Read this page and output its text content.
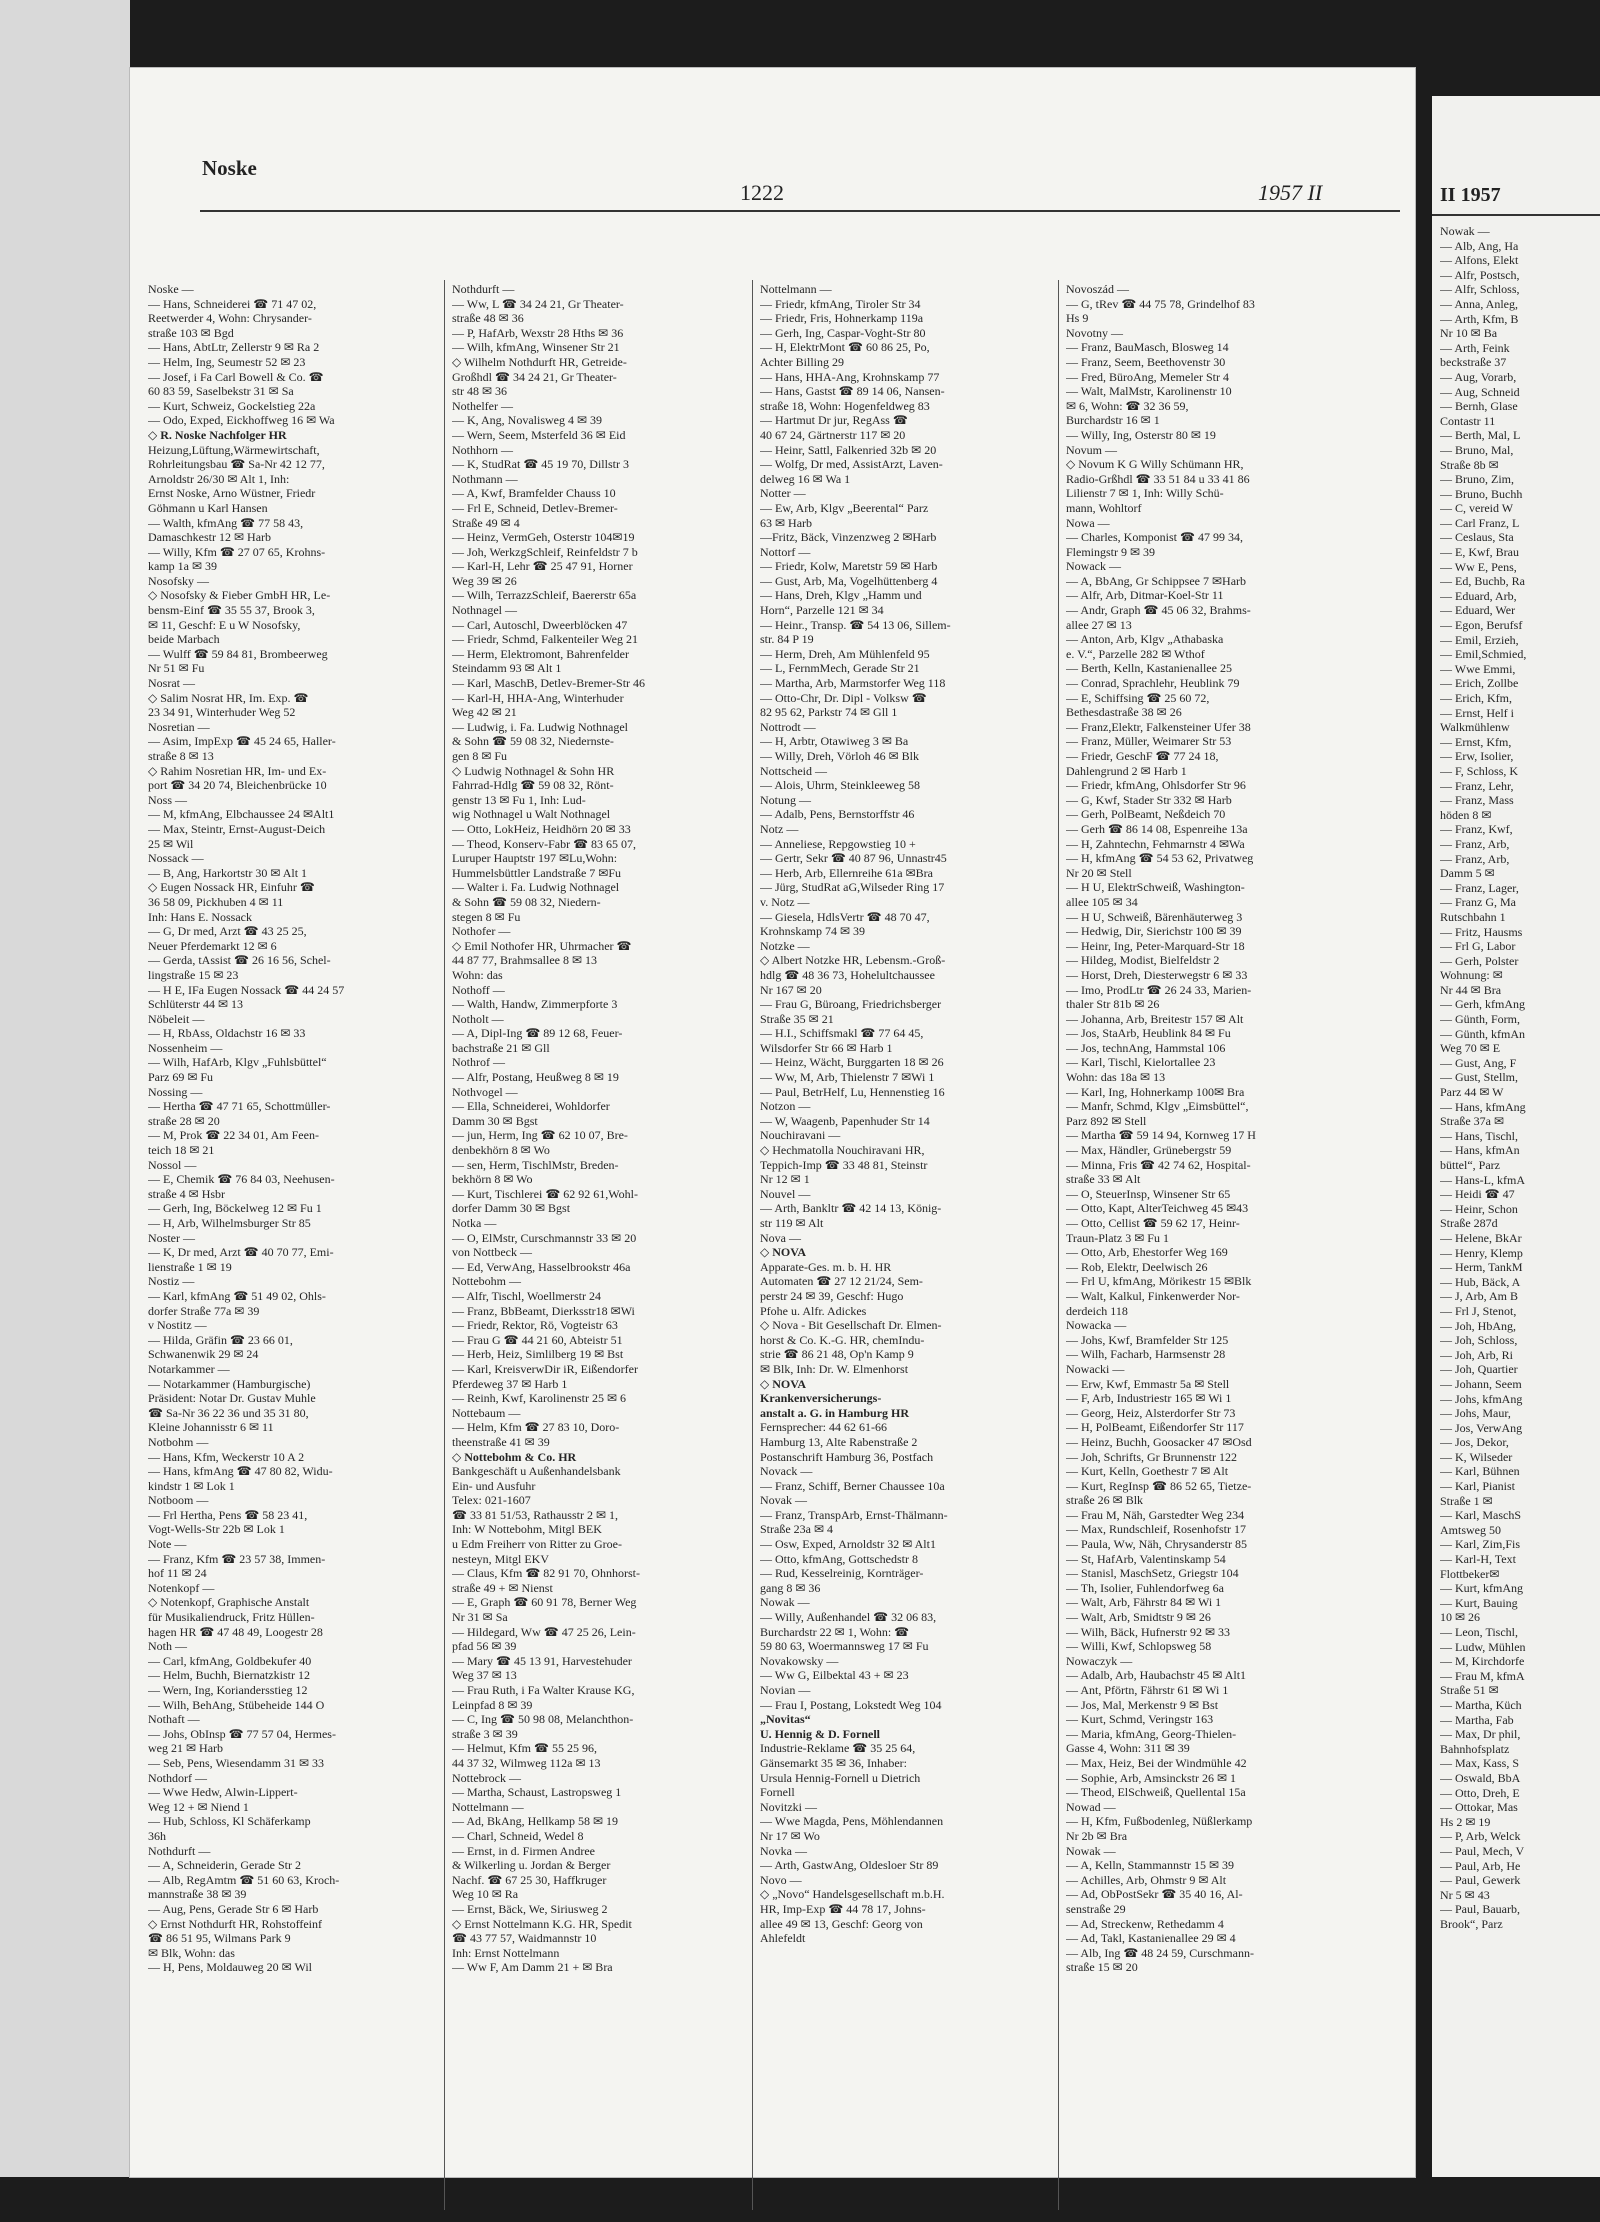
Noske
1222	1957 II
Noske —
— Hans, Schneiderei ☎ 71 47 02,
Reetwerder 4, Wohn: Chrysander-
straße 103 ✉ Bgd
— Hans, AbtLtr, Zellerstr 9 ✉ Ra 2
— Helm, Ing, Seumestr 52 ✉ 23
— Josef, i Fa Carl Bowell & Co. ☎
60 83 59, Saselbekstr 31 ✉ Sa
— Kurt, Schweiz, Gockelstieg 22a
— Odo, Exped, Eickhoffweg 16 ✉ Wa
◇ R. Noske Nachfolger HR
Heizung,Lüftung,Wärmewirtschaft,
Rohrleitungsbau ☎ Sa-Nr 42 12 77,
Arnoldstr 26/30 ✉ Alt 1, Inh:
Ernst Noske, Arno Wüstner, Friedr
Göhmann u Karl Hansen
— Walth, kfmAng ☎ 77 58 43,
Damaschkestr 12 ✉ Harb
— Willy, Kfm ☎ 27 07 65, Krohns-
kamp 1a ✉ 39
Nosofsky —
◇ Nosofsky & Fieber GmbH HR, Le-
bensm-Einf ☎ 35 55 37, Brook 3,
✉ 11, Geschf: E u W Nosofsky,
beide Marbach
— Wulff ☎ 59 84 81, Brombeerweg
Nr 51 ✉ Fu
Nosrat —
◇ Salim Nosrat HR, Im. Exp. ☎
23 34 91, Winterhuder Weg 52
Nosretian —
— Asim, ImpExp ☎ 45 24 65, Haller-
straße 8 ✉ 13
◇ Rahim Nosretian HR, Im- und Ex-
port ☎ 34 20 74, Bleichenbrücke 10
Noss —
— M, kfmAng, Elbchaussee 24 ✉Alt1
— Max, Steintr, Ernst-August-Deich
25 ✉ Wil
Nossack —
— B, Ang, Harkortstr 30 ✉ Alt 1
◇ Eugen Nossack HR, Einfuhr ☎
36 58 09, Pickhuben 4 ✉ 11
Inh: Hans E. Nossack
— G, Dr med, Arzt ☎ 43 25 25,
Neuer Pferdemarkt 12 ✉ 6
— Gerda, tAssist ☎ 26 16 56, Schel-
lingstraße 15 ✉ 23
— H E, IFa Eugen Nossack ☎ 44 24 57
Schlüterstr 44 ✉ 13
Nöbeleit —
— H, RbAss, Oldachstr 16 ✉ 33
Nossenheim —
— Wilh, HafArb, Klgv „Fuhlsbüttel“
Parz 69 ✉ Fu
Nossing —
— Hertha ☎ 47 71 65, Schottmüller-
straße 28 ✉ 20
— M, Prok ☎ 22 34 01, Am Feen-
teich 18 ✉ 21
Nossol —
— E, Chemik ☎ 76 84 03, Neehusen-
straße 4 ✉ Hsbr
— Gerh, Ing, Böckelweg 12 ✉ Fu 1
— H, Arb, Wilhelmsburger Str 85
Noster —
— K, Dr med, Arzt ☎ 40 70 77, Emi-
lienstraße 1 ✉ 19
Nostiz —
— Karl, kfmAng ☎ 51 49 02, Ohls-
dorfer Straße 77a ✉ 39
v Nostitz —
— Hilda, Gräfin ☎ 23 66 01,
Schwanenwik 29 ✉ 24
Notarkammer —
— Notarkammer (Hamburgische)
Präsident: Notar Dr. Gustav Muhle
☎ Sa-Nr 36 22 36 und 35 31 80,
Kleine Johannisstr 6 ✉ 11
Notbohm —
— Hans, Kfm, Weckerstr 10 A 2
— Hans, kfmAng ☎ 47 80 82, Widu-
kindstr 1 ✉ Lok 1
Notboom —
— Frl Hertha, Pens ☎ 58 23 41,
Vogt-Wells-Str 22b ✉ Lok 1
Note —
— Franz, Kfm ☎ 23 57 38, Immen-
hof 11 ✉ 24
Notenkopf —
◇ Notenkopf, Graphische Anstalt
für Musikaliendruck, Fritz Hüllen-
hagen HR ☎ 47 48 49, Loogestr 28
Noth —
— Carl, kfmAng, Goldbekufer 40
— Helm, Buchh, Biernatzkistr 12
— Wern, Ing, Koriandersstieg 12
— Wilh, BehAng, Stübeheide 144 O
Nothaft —
— Johs, ObInsp ☎ 77 57 04, Hermes-
weg 21 ✉ Harb
— Seb, Pens, Wiesendamm 31 ✉ 33
Nothdorf —
— Wwe Hedw, Alwin-Lippert-
Weg 12 + ✉ Niend 1
— Hub, Schloss, Kl Schäferkamp
36h
Nothdurft —
— A, Schneiderin, Gerade Str 2
— Alb, RegAmtm ☎ 51 60 63, Kroch-
mannstraße 38 ✉ 39
— Aug, Pens, Gerade Str 6 ✉ Harb
◇ Ernst Nothdurft HR, Rohstoffeinf
☎ 86 51 95, Wilmans Park 9
✉ Blk, Wohn: das
— H, Pens, Moldauweg 20 ✉ Wil
Nothdurft —
— Ww, L ☎ 34 24 21, Gr Theater-
straße 48 ✉ 36
— P, HafArb, Wexstr 28 Hths ✉ 36
— Wilh, kfmAng, Winsener Str 21
◇ Wilhelm Nothdurft HR, Getreide-
Großhdl ☎ 34 24 21, Gr Theater-
str 48 ✉ 36
Nothelfer —
— K, Ang, Novalisweg 4 ✉ 39
— Wern, Seem, Msterfeld 36 ✉ Eid
Nothhorn —
— K, StudRat ☎ 45 19 70, Dillstr 3
Nothmann —
— A, Kwf, Bramfelder Chauss 10
— Frl E, Schneid, Detlev-Bremer-
Straße 49 ✉ 4
— Heinz, VermGeh, Osterstr 104✉19
— Joh, WerkzgSchleif, Reinfeldstr 7 b
— Karl-H, Lehr ☎ 25 47 91, Horner
Weg 39 ✉ 26
— Wilh, TerrazzSchleif, Baererstr 65a
Nothnagel —
— Carl, Autoschl, Dweerblöcken 47
— Friedr, Schmd, Falkenteiler Weg 21
— Herm, Elektromont, Bahrenfelder
Steindamm 93 ✉ Alt 1
— Karl, MaschB, Detlev-Bremer-Str 46
— Karl-H, HHA-Ang, Winterhuder
Weg 42 ✉ 21
— Ludwig, i. Fa. Ludwig Nothnagel
& Sohn ☎ 59 08 32, Niedernste-
gen 8 ✉ Fu
◇ Ludwig Nothnagel & Sohn HR
Fahrrad-Hdlg ☎ 59 08 32, Rönt-
genstr 13 ✉ Fu 1, Inh: Lud-
wig Nothnagel u Walt Nothnagel
— Otto, LokHeiz, Heidhörn 20 ✉ 33
— Theod, Konserv-Fabr ☎ 83 65 07,
Luruper Hauptstr 197 ✉Lu,Wohn:
Hummelsbüttler Landstraße 7 ✉Fu
— Walter i. Fa. Ludwig Nothnagel
& Sohn ☎ 59 08 32, Niedern-
stegen 8 ✉ Fu
Nothofer —
◇ Emil Nothofer HR, Uhrmacher ☎
44 87 77, Brahmsallee 8 ✉ 13
Wohn: das
Nothoff —
— Walth, Handw, Zimmerpforte 3
Notholt —
— A, Dipl-Ing ☎ 89 12 68, Feuer-
bachstraße 21 ✉ Gll
Nothrof —
— Alfr, Postang, Heußweg 8 ✉ 19
Nothvogel —
— Ella, Schneiderei, Wohldorfer
Damm 30 ✉ Bgst
— jun, Herm, Ing ☎ 62 10 07, Bre-
denbekhörn 8 ✉ Wo
— sen, Herm, TischlMstr, Breden-
bekhörn 8 ✉ Wo
— Kurt, Tischlerei ☎ 62 92 61,Wohl-
dorfer Damm 30 ✉ Bgst
Notka —
— O, ElMstr, Curschmannstr 33 ✉ 20
von Nottbeck —
— Ed, VerwAng, Hasselbrookstr 46a
Nottebohm —
— Alfr, Tischl, Woellmerstr 24
— Franz, BbBeamt, Dierksstr18 ✉Wi
— Friedr, Rektor, Rö, Vogteistr 63
— Frau G ☎ 44 21 60, Abteistr 51
— Herb, Heiz, Simlilberg 19 ✉ Bst
— Karl, KreisverwDir iR, Eißendorfer
Pferdeweg 37 ✉ Harb 1
— Reinh, Kwf, Karolinenstr 25 ✉ 6
Nottebaum —
— Helm, Kfm ☎ 27 83 10, Doro-
theenstraße 41 ✉ 39
◇ Nottebohm & Co. HR
Bankgeschäft u Außenhandelsbank
Ein- und Ausfuhr
Telex: 021-1607
☎ 33 81 51/53, Rathausstr 2 ✉ 1,
Inh: W Nottebohm, Mitgl BEK
u Edm Freiherr von Ritter zu Groe-
nesteyn, Mitgl EKV
— Claus, Kfm ☎ 82 91 70, Ohnhorst-
straße 49 + ✉ Nienst
— E, Graph ☎ 60 91 78, Berner Weg
Nr 31 ✉ Sa
— Hildegard, Ww ☎ 47 25 26, Lein-
pfad 56 ✉ 39
— Mary ☎ 45 13 91, Harvestehuder
Weg 37 ✉ 13
— Frau Ruth, i Fa Walter Krause KG,
Leinpfad 8 ✉ 39
— C, Ing ☎ 50 98 08, Melanchthon-
straße 3 ✉ 39
— Helmut, Kfm ☎ 55 25 96,
44 37 32, Wilmweg 112a ✉ 13
Nottebrock —
— Martha, Schaust, Lastropsweg 1
Nottelmann —
— Ad, BkAng, Hellkamp 58 ✉ 19
— Charl, Schneid, Wedel 8
— Ernst, in d. Firmen Andree
& Wilkerling u. Jordan & Berger
Nachf. ☎ 67 25 30, Haffkruger
Weg 10 ✉ Ra
— Ernst, Bäck, We, Siriusweg 2
◇ Ernst Nottelmann K.G. HR, Spedit
☎ 43 77 57, Waidmannstr 10
Inh: Ernst Nottelmann
— Ww F, Am Damm 21 + ✉ Bra
Nottelmann —
— Friedr, kfmAng, Tiroler Str 34
— Friedr, Fris, Hohnerkamp 119a
— Gerh, Ing, Caspar-Voght-Str 80
— H, ElektrMont ☎ 60 86 25, Po,
Achter Billing 29
— Hans, HHA-Ang, Krohnskamp 77
— Hans, Gastst ☎ 89 14 06, Nansen-
straße 18, Wohn: Hogenfeldweg 83
— Hartmut Dr jur, RegAss ☎
40 67 24, Gärtnerstr 117 ✉ 20
— Heinr, Sattl, Falkenried 32b ✉ 20
— Wolfg, Dr med, AssistArzt, Laven-
delweg 16 ✉ Wa 1
Notter —
— Ew, Arb, Klgv „Beerental“ Parz
63 ✉ Harb
—Fritz, Bäck, Vinzenzweg 2 ✉Harb
Nottorf —
— Friedr, Kolw, Maretstr 59 ✉ Harb
— Gust, Arb, Ma, Vogelhüttenberg 4
— Hans, Dreh, Klgv „Hamm und
Horn“, Parzelle 121 ✉ 34
— Heinr., Transp. ☎ 54 13 06, Sillem-
str. 84 P 19
— Herm, Dreh, Am Mühlenfeld 95
— L, FernmMech, Gerade Str 21
— Martha, Arb, Marmstorfer Weg 118
— Otto-Chr, Dr. Dipl - Volksw ☎
82 95 62, Parkstr 74 ✉ Gll 1
Nottrodt —
— H, Arbtr, Otawiweg 3 ✉ Ba
— Willy, Dreh, Vörloh 46 ✉ Blk
Nottscheid —
— Alois, Uhrm, Steinkleeweg 58
Notung —
— Adalb, Pens, Bernstorffstr 46
Notz —
— Anneliese, Repgowstieg 10 +
— Gertr, Sekr ☎ 40 87 96, Unnastr45
— Herb, Arb, Ellernreihe 61a ✉Bra
— Jürg, StudRat aG,Wilseder Ring 17
v. Notz —
— Giesela, HdlsVertr ☎ 48 70 47,
Krohnskamp 74 ✉ 39
Notzke —
◇ Albert Notzke HR, Lebensm.-Groß-
hdlg ☎ 48 36 73, Hohelultchaussee
Nr 167 ✉ 20
— Frau G, Büroang, Friedrichsberger
Straße 35 ✉ 21
— H.I., Schiffsmakl ☎ 77 64 45,
Wilsdorfer Str 66 ✉ Harb 1
— Heinz, Wächt, Burggarten 18 ✉ 26
— Ww, M, Arb, Thielenstr 7 ✉Wi 1
— Paul, BetrHelf, Lu, Hennenstieg 16
Notzon —
— W, Waagenb, Papenhuder Str 14
Nouchiravani —
◇ Hechmatolla Nouchiravani HR,
Teppich-Imp ☎ 33 48 81, Steinstr
Nr 12 ✉ 1
Nouvel —
— Arth, Bankltr ☎ 42 14 13, König-
str 119 ✉ Alt
Nova —
◇ NOVA
Apparate-Ges. m. b. H. HR
Automaten ☎ 27 12 21/24, Sem-
perstr 24 ✉ 39, Geschf: Hugo
Pfohe u. Alfr. Adickes
◇ Nova - Bit Gesellschaft Dr. Elmen-
horst & Co. K.-G. HR, chemIndu-
strie ☎ 86 21 48, Op'n Kamp 9
✉ Blk, Inh: Dr. W. Elmenhorst
◇ NOVA
Krankenversicherungs-
anstalt a. G. in Hamburg HR
Fernsprecher: 44 62 61-66
Hamburg 13, Alte Rabenstraße 2
Postanschrift Hamburg 36, Postfach
Novack —
— Franz, Schiff, Berner Chaussee 10a
Novak —
— Franz, TranspArb, Ernst-Thälmann-
Straße 23a ✉ 4
— Osw, Exped, Arnoldstr 32 ✉ Alt1
— Otto, kfmAng, Gottschedstr 8
— Rud, Kesselreinig, Kornträger-
gang 8 ✉ 36
Nowak —
— Willy, Außenhandel ☎ 32 06 83,
Burchardstr 22 ✉ 1, Wohn: ☎
59 80 63, Woermannsweg 17 ✉ Fu
Novakowsky —
— Ww G, Eilbektal 43 + ✉ 23
Novian —
— Frau I, Postang, Lokstedt Weg 104
„Novitas“
U. Hennig & D. Fornell
Industrie-Reklame ☎ 35 25 64,
Gänsemarkt 35 ✉ 36, Inhaber:
Ursula Hennig-Fornell u Dietrich
Fornell
Novitzki —
— Wwe Magda, Pens, Möhlendannen
Nr 17 ✉ Wo
Novka —
— Arth, GastwAng, Oldesloer Str 89
Novo —
◇ „Novo“ Handelsgesellschaft m.b.H.
HR, Imp-Exp ☎ 44 78 17, Johns-
allee 49 ✉ 13, Geschf: Georg von
Ahlefeldt
Novoszád —
— G, tRev ☎ 44 75 78, Grindelhof 83
Hs 9
Novotny —
— Franz, BauMasch, Blosweg 14
— Franz, Seem, Beethovenstr 30
— Fred, BüroAng, Memeler Str 4
— Walt, MalMstr, Karolinenstr 10
✉ 6, Wohn: ☎ 32 36 59,
Burchardstr 16 ✉ 1
— Willy, Ing, Osterstr 80 ✉ 19
Novum —
◇ Novum K G Willy Schümann HR,
Radio-Grßhdl ☎ 33 51 84 u 33 41 86
Lilienstr 7 ✉ 1, Inh: Willy Schü-
mann, Wohltorf
Nowa —
— Charles, Komponist ☎ 47 99 34,
Flemingstr 9 ✉ 39
Nowack —
— A, BbAng, Gr Schippsee 7 ✉Harb
— Alfr, Arb, Ditmar-Koel-Str 11
— Andr, Graph ☎ 45 06 32, Brahms-
allee 27 ✉ 13
— Anton, Arb, Klgv „Athabaska
e. V.“, Parzelle 282 ✉ Wthof
— Berth, Kelln, Kastanienallee 25
— Conrad, Sprachlehr, Heublink 79
— E, Schiffsing ☎ 25 60 72,
Bethesdastraße 38 ✉ 26
— Franz,Elektr, Falkensteiner Ufer 38
— Franz, Müller, Weimarer Str 53
— Friedr, GeschF ☎ 77 24 18,
Dahlengrund 2 ✉ Harb 1
— Friedr, kfmAng, Ohlsdorfer Str 96
— G, Kwf, Stader Str 332 ✉ Harb
— Gerh, PolBeamt, Neßdeich 70
— Gerh ☎ 86 14 08, Espenreihe 13a
— H, Zahntechn, Fehmarnstr 4 ✉Wa
— H, kfmAng ☎ 54 53 62, Privatweg
Nr 20 ✉ Stell
— H U, ElektrSchweiß, Washington-
allee 105 ✉ 34
— H U, Schweiß, Bärenhäuterweg 3
— Hedwig, Dir, Sierichstr 100 ✉ 39
— Heinr, Ing, Peter-Marquard-Str 18
— Hildeg, Modist, Bielfeldstr 2
— Horst, Dreh, Diesterwegstr 6 ✉ 33
— Imo, ProdLtr ☎ 26 24 33, Marien-
thaler Str 81b ✉ 26
— Johanna, Arb, Breitestr 157 ✉ Alt
— Jos, StaArb, Heublink 84 ✉ Fu
— Jos, technAng, Hammstal 106
— Karl, Tischl, Kielortallee 23
Wohn: das 18a ✉ 13
— Karl, Ing, Hohnerkamp 100✉ Bra
— Manfr, Schmd, Klgv „Eimsbüttel“,
Parz 892 ✉ Stell
— Martha ☎ 59 14 94, Kornweg 17 H
— Max, Händler, Grünebergstr 59
— Minna, Fris ☎ 42 74 62, Hospital-
straße 33 ✉ Alt
— O, SteuerInsp, Winsener Str 65
— Otto, Kapt, AlterTeichweg 45 ✉43
— Otto, Cellist ☎ 59 62 17, Heinr-
Traun-Platz 3 ✉ Fu 1
— Otto, Arb, Ehestorfer Weg 169
— Rob, Elektr, Deelwisch 26
— Frl U, kfmAng, Mörikestr 15 ✉Blk
— Walt, Kalkul, Finkenwerder Nor-
derdeich 118
Nowacka —
— Johs, Kwf, Bramfelder Str 125
— Wilh, Facharb, Harmsenstr 28
Nowacki —
— Erw, Kwf, Emmastr 5a ✉ Stell
— F, Arb, Industriestr 165 ✉ Wi 1
— Georg, Heiz, Alsterdorfer Str 73
— H, PolBeamt, Eißendorfer Str 117
— Heinz, Buchh, Goosacker 47 ✉Osd
— Joh, Schrifts, Gr Brunnenstr 122
— Kurt, Kelln, Goethestr 7 ✉ Alt
— Kurt, RegInsp ☎ 86 52 65, Tietze-
straße 26 ✉ Blk
— Frau M, Näh, Garstedter Weg 234
— Max, Rundschleif, Rosenhofstr 17
— Paula, Ww, Näh, Chrysanderstr 85
— St, HafArb, Valentinskamp 54
— Stanisl, MaschSetz, Griegstr 104
— Th, Isolier, Fuhlendorfweg 6a
— Walt, Arb, Fährstr 84 ✉ Wi 1
— Walt, Arb, Smidtstr 9 ✉ 26
— Wilh, Bäck, Hufnerstr 92 ✉ 33
— Willi, Kwf, Schlopsweg 58
Nowaczyk —
— Adalb, Arb, Haubachstr 45 ✉ Alt1
— Ant, Pförtn, Fährstr 61 ✉ Wi 1
— Jos, Mal, Merkenstr 9 ✉ Bst
— Kurt, Schmd, Veringstr 163
— Maria, kfmAng, Georg-Thielen-
Gasse 4, Wohn: 311 ✉ 39
— Max, Heiz, Bei der Windmühle 42
— Sophie, Arb, Amsinckstr 26 ✉ 1
— Theod, ElSchweiß, Quellental 15a
Nowad —
— H, Kfm, Fußbodenleg, Nüßlerkamp
Nr 2b ✉ Bra
Nowak —
— A, Kelln, Stammannstr 15 ✉ 39
— Achilles, Arb, Ohmstr 9 ✉ Alt
— Ad, ObPostSekr ☎ 35 40 16, Al-
senstraße 29
— Ad, Streckenw, Rethedamm 4
— Ad, Takl, Kastanienallee 29 ✉ 4
— Alb, Ing ☎ 48 24 59, Curschmann-
straße 15 ✉ 20
II 1957
Nowak —
— Alb, Ang, Ha
— Alfons, Elekt
— Alfr, Postsch,
— Alfr, Schloss,
— Anna, Anleg,
— Arth, Kfm, B
Nr 10 ✉ Ba
— Arth, Feink
beckstraße 37
— Aug, Vorarb,
— Aug, Schneid
— Bernh, Glase
Contastr 11
— Berth, Mal, L
— Bruno, Mal,
Straße 8b ✉
— Bruno, Zim,
— Bruno, Buchh
— C, vereid W
— Carl Franz, L
— Ceslaus, Sta
— E, Kwf, Brau
— Ww E, Pens,
— Ed, Buchb, Ra
— Eduard, Arb,
— Eduard, Wer
— Egon, Berufsf
— Emil, Erzieh,
— Emil,Schmied,
— Wwe Emmi,
— Erich, Zollbe
— Erich, Kfm,
— Ernst, Helf i
Walkmühlenw
— Ernst, Kfm,
— Erw, Isolier,
— F, Schloss, K
— Franz, Lehr,
— Franz, Mass
höden 8 ✉
— Franz, Kwf,
— Franz, Arb,
— Franz, Arb,
Damm 5 ✉
— Franz, Lager,
— Franz G, Ma
Rutschbahn 1
— Fritz, Hausms
— Frl G, Labor
— Gerh, Polster
Wohnung: ✉
Nr 44 ✉ Bra
— Gerh, kfmAng
— Günth, Form,
— Günth, kfmAn
Weg 70 ✉ E
— Gust, Ang, F
— Gust, Stellm,
Parz 44 ✉ W
— Hans, kfmAng
Straße 37a ✉
— Hans, Tischl,
— Hans, kfmAn
büttel“, Parz
— Hans-L, kfmA
— Heidi ☎ 47
— Heinr, Schon
Straße 287d
— Helene, BkAr
— Henry, Klemp
— Herm, TankM
— Hub, Bäck, A
— J, Arb, Am B
— Frl J, Stenot,
— Joh, HbAng,
— Joh, Schloss,
— Joh, Arb, Ri
— Joh, Quartier
— Johann, Seem
— Johs, kfmAng
— Johs, Maur,
— Jos, VerwAng
— Jos, Dekor,
— K, Wilseder
— Karl, Bühnen
— Karl, Pianist
Straße 1 ✉
— Karl, MaschS
Amtsweg 50
— Karl, Zim,Fis
— Karl-H, Text
Flottbeker✉
— Kurt, kfmAng
— Kurt, Bauing
10 ✉ 26
— Leon, Tischl,
— Ludw, Mühlen
— M, Kirchdorfe
— Frau M, kfmA
Straße 51 ✉
— Martha, Küch
— Martha, Fab
— Max, Dr phil,
Bahnhofsplatz
— Max, Kass, S
— Oswald, BbA
— Otto, Dreh, E
— Ottokar, Mas
Hs 2 ✉ 19
— P, Arb, Welck
— Paul, Mech, V
— Paul, Arb, He
— Paul, Gewerk
Nr 5 ✉ 43
— Paul, Bauarb,
Brook“, Parz
